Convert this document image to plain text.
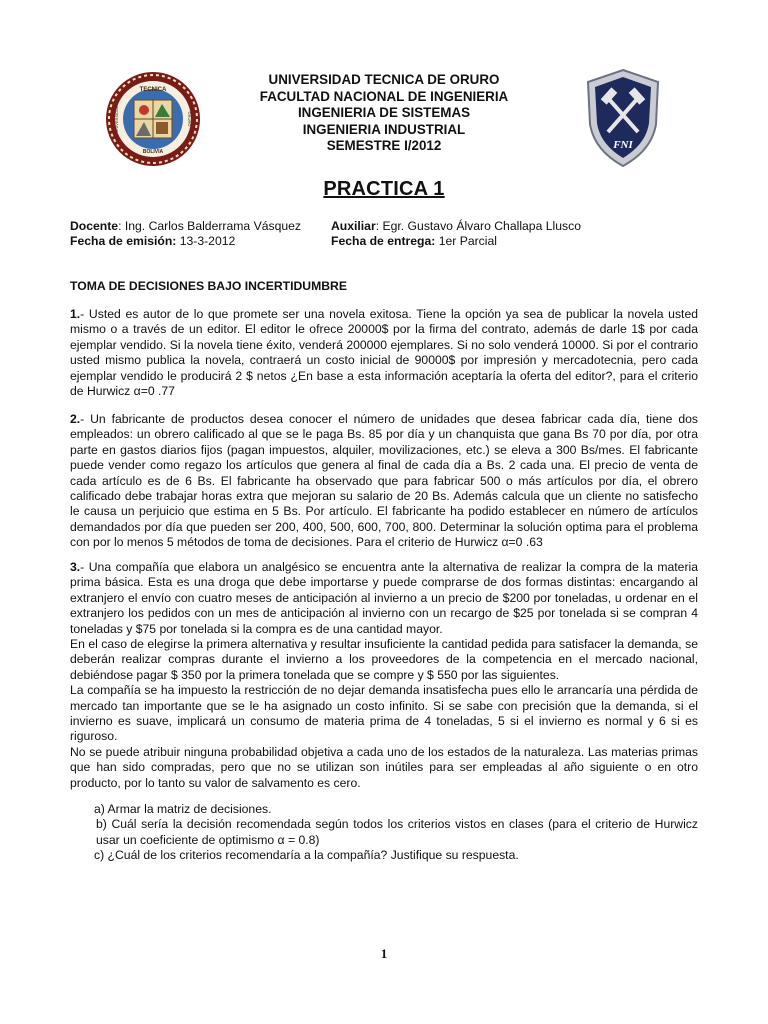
TECNICA
BOLIVIA
UNIVERSIDAD	ORURO
UNIVERSIDAD TECNICA DE ORURO
FACULTAD NACIONAL DE INGENIERIA
INGENIERIA DE SISTEMAS
INGENIERIA INDUSTRIAL
SEMESTRE I/2012	FNI
PRACTICA 1
Docente: Ing. Carlos Balderrama Vásquez Auxiliar: Egr. Gustavo Álvaro Challapa Llusco
Fecha de emisión: 13-3-2012	Fecha de entrega: 1er Parcial
TOMA DE DECISIONES BAJO INCERTIDUMBRE

1.- Usted es autor de lo que promete ser una novela exitosa. Tiene la opción ya sea de publicar la novela usted mismo o a través de un editor. El editor le ofrece 20000$ por la firma del contrato, además de darle 1$ por cada ejemplar vendido. Si la novela tiene éxito, venderá 200000 ejemplares. Si no solo venderá 10000. Si por el contrario usted mismo publica la novela, contraerá un costo inicial de 90000$ por impresión y mercadotecnia, pero cada ejemplar vendido le producirá 2 $ netos ¿En base a esta información aceptaría la oferta del editor?, para el criterio de Hurwicz α=0 .77

2.- Un fabricante de productos desea conocer el número de unidades que desea fabricar cada día, tiene dos empleados: un obrero calificado al que se le paga Bs. 85 por día y un chanquista que gana Bs 70 por día, por otra parte en gastos diarios fijos (pagan impuestos, alquiler, movilizaciones, etc.) se eleva a 300 Bs/mes. El fabricante puede vender como regazo los artículos que genera al final de cada día a Bs. 2 cada una. El precio de venta de cada artículo es de 6 Bs. El fabricante ha observado que para fabricar 500 o más artículos por día, el obrero calificado debe trabajar horas extra que mejoran su salario de 20 Bs. Además calcula que un cliente no satisfecho le causa un perjuicio que estima en 5 Bs. Por artículo. El fabricante ha podido establecer en número de artículos demandados por día que pueden ser 200, 400, 500, 600, 700, 800. Determinar la solución optima para el problema con por lo menos 5 métodos de toma de decisiones. Para el criterio de Hurwicz α=0 .63

3.- Una compañía que elabora un analgésico se encuentra ante la alternativa de realizar la compra de la materia prima básica. Esta es una droga que debe importarse y puede comprarse de dos formas distintas: encargando al extranjero el envío con cuatro meses de anticipación al invierno a un precio de $200 por toneladas, u ordenar en el extranjero los pedidos con un mes de anticipación al invierno con un recargo de $25 por tonelada si se compran 4 toneladas y $75 por tonelada si la compra es de una cantidad mayor.

En el caso de elegirse la primera alternativa y resultar insuficiente la cantidad pedida para satisfacer la demanda, se deberán realizar compras durante el invierno a los proveedores de la competencia en el mercado nacional, debiéndose pagar $ 350 por la primera tonelada que se compre y $ 550 por las siguientes.

La compañía se ha impuesto la restricción de no dejar demanda insatisfecha pues ello le arrancaría una pérdida de mercado tan importante que se le ha asignado un costo infinito. Si se sabe con precisión que la demanda, si el invierno es suave, implicará un consumo de materia prima de 4 toneladas, 5 si el invierno es normal y 6 si es riguroso.

No se puede atribuir ninguna probabilidad objetiva a cada uno de los estados de la naturaleza. Las materias primas que han sido compradas, pero que no se utilizan son inútiles para ser empleadas al año siguiente o en otro producto, por lo tanto su valor de salvamento es cero.

a) Armar la matriz de decisiones.
b) Cuál sería la decisión recomendada según todos los criterios vistos en clases (para el criterio de Hurwicz usar un coeficiente de optimismo α = 0.8)
c) ¿Cuál de los criterios recomendaría a la compañía? Justifique su respuesta.
1
